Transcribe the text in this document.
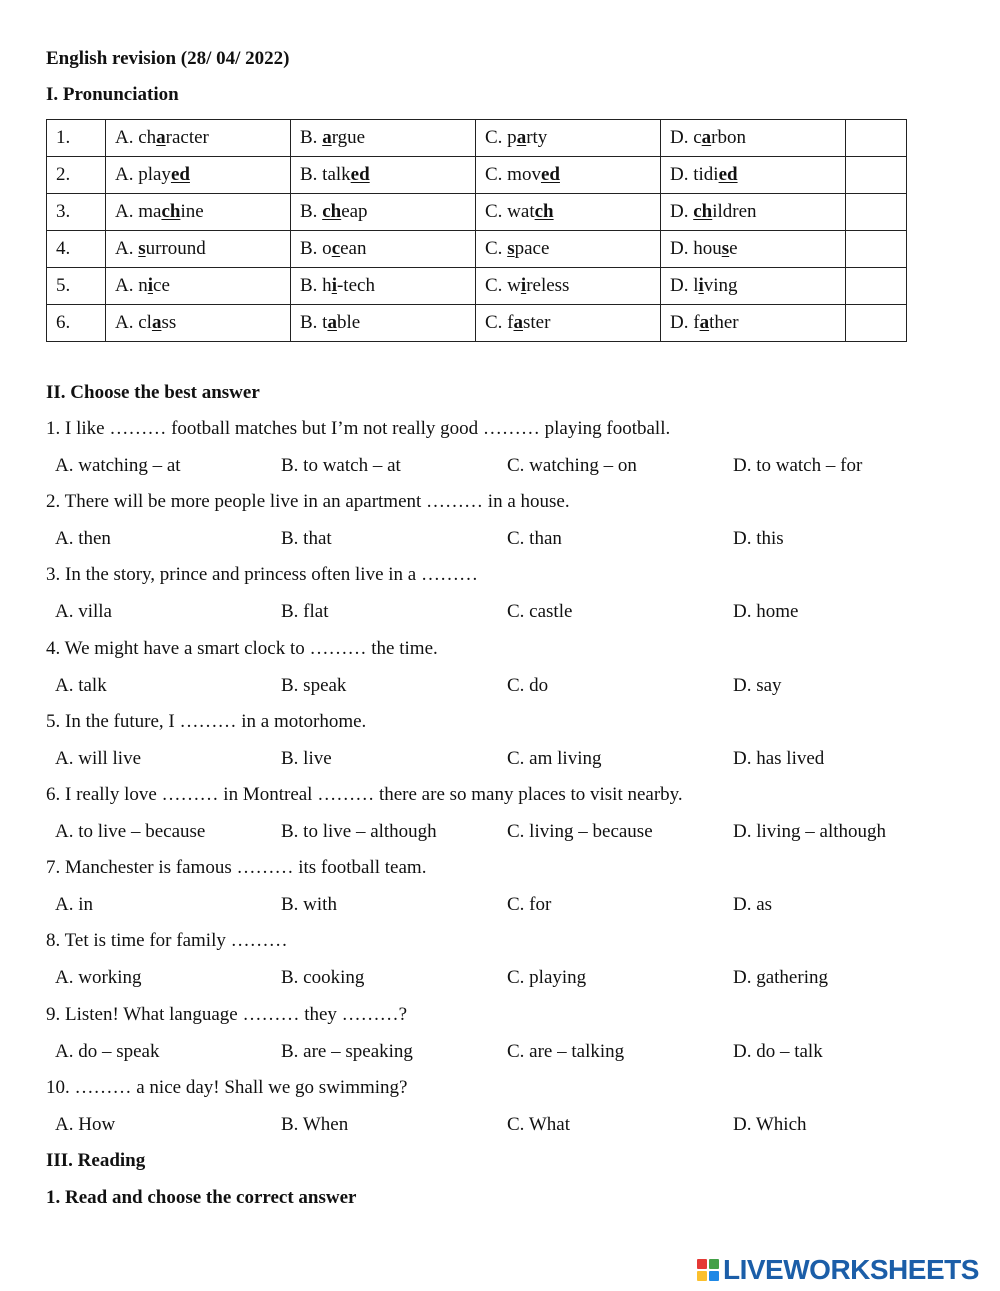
English revision (28/ 04/ 2022)
I. Pronunciation
1.	A. character	B. argue	C. party	D. carbon	
2.	A. played	B. talked	C. moved	D. tidied	
3.	A. machine	B. cheap	C. watch	D. children	
4.	A. surround	B. ocean	C. space	D. house	
5.	A. nice	B. hi-tech	C. wireless	D. living	
6.	A. class	B. table	C. faster	D. father	
II. Choose the best answer
1. I like ……… football matches but I’m not really good ……… playing football.
A. watching – at	B. to watch – at	C. watching – on	D. to watch – for
2. There will be more people live in an apartment ……… in a house.
A. then	B. that	C. than	D. this
3. In the story, prince and princess often live in a ………
A. villa	B. flat	C. castle	D. home
4. We might have a smart clock to ……… the time.
A. talk	B. speak	C. do	D. say
5. In the future, I ……… in a motorhome.
A. will live	B. live	C. am living	D. has lived
6. I really love ……… in Montreal ……… there are so many places to visit nearby.
A. to live – because	B. to live – although	C. living – because	D. living – although
7. Manchester is famous ……… its football team.
A. in	B. with	C. for	D. as
8. Tet is time for family ………
A. working	B. cooking	C. playing	D. gathering
9. Listen! What language ……… they ………?
A. do – speak	B. are – speaking	C. are – talking	D. do – talk
10. ……… a nice day! Shall we go swimming?
A. How	B. When	C. What	D. Which
III. Reading
1. Read and choose the correct answer
LIVEWORKSHEETS
